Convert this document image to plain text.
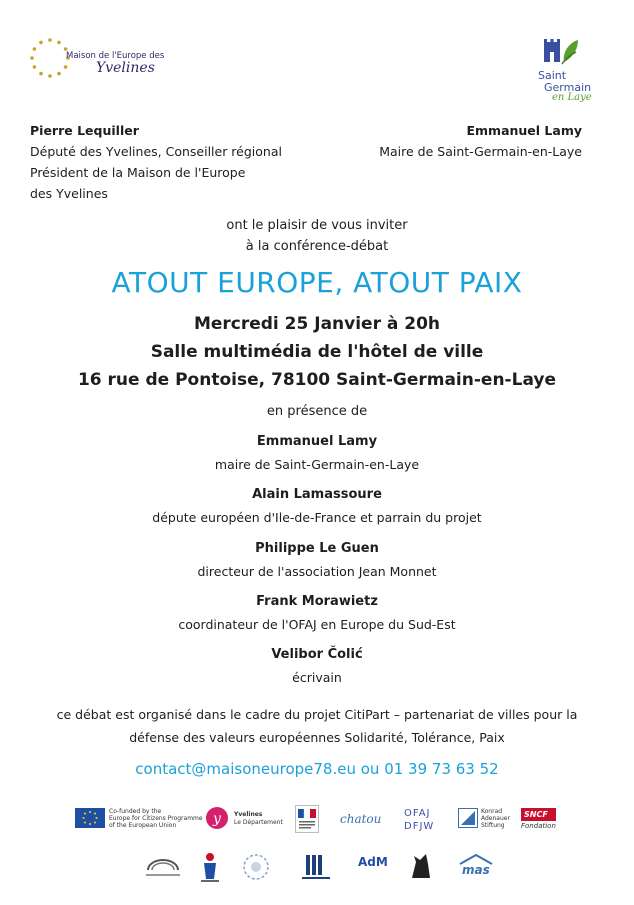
Maison de l'Europe des
Yvelines	Saint
Germain
en Laye
Pierre Lequiller
Député des Yvelines, Conseiller régional
Président de la Maison de l'Europe
des Yvelines
Emmanuel Lamy
Maire de Saint-Germain-en-Laye
ont le plaisir de vous inviter
à la conférence-débat
ATOUT EUROPE, ATOUT PAIX
Mercredi 25 Janvier à 20h
Salle multimédia de l'hôtel de ville
16 rue de Pontoise, 78100 Saint-Germain-en-Laye
en présence de
Emmanuel Lamy
maire de Saint-Germain-en-Laye
Alain Lamassoure
députe européen d'Ile-de-France et parrain du projet
Philippe Le Guen
directeur de l'association Jean Monnet
Frank Morawietz
coordinateur de l'OFAJ en Europe du Sud-Est
Velibor Čolić
écrivain
ce débat est organisé dans le cadre du projet CitiPart – partenariat de villes pour la
défense des valeurs européennes Solidarité, Tolérance, Paix
contact@maisoneurope78.eu ou 01 39 73 63 52
Co-funded by the
Europe for Citizens Programme
of the European Union	y Yvelines
Le Département	chatou OFAJ
DFJW
Konrad
Adenauer
Stiftung
SNCF
Fondation
AdM
mas
